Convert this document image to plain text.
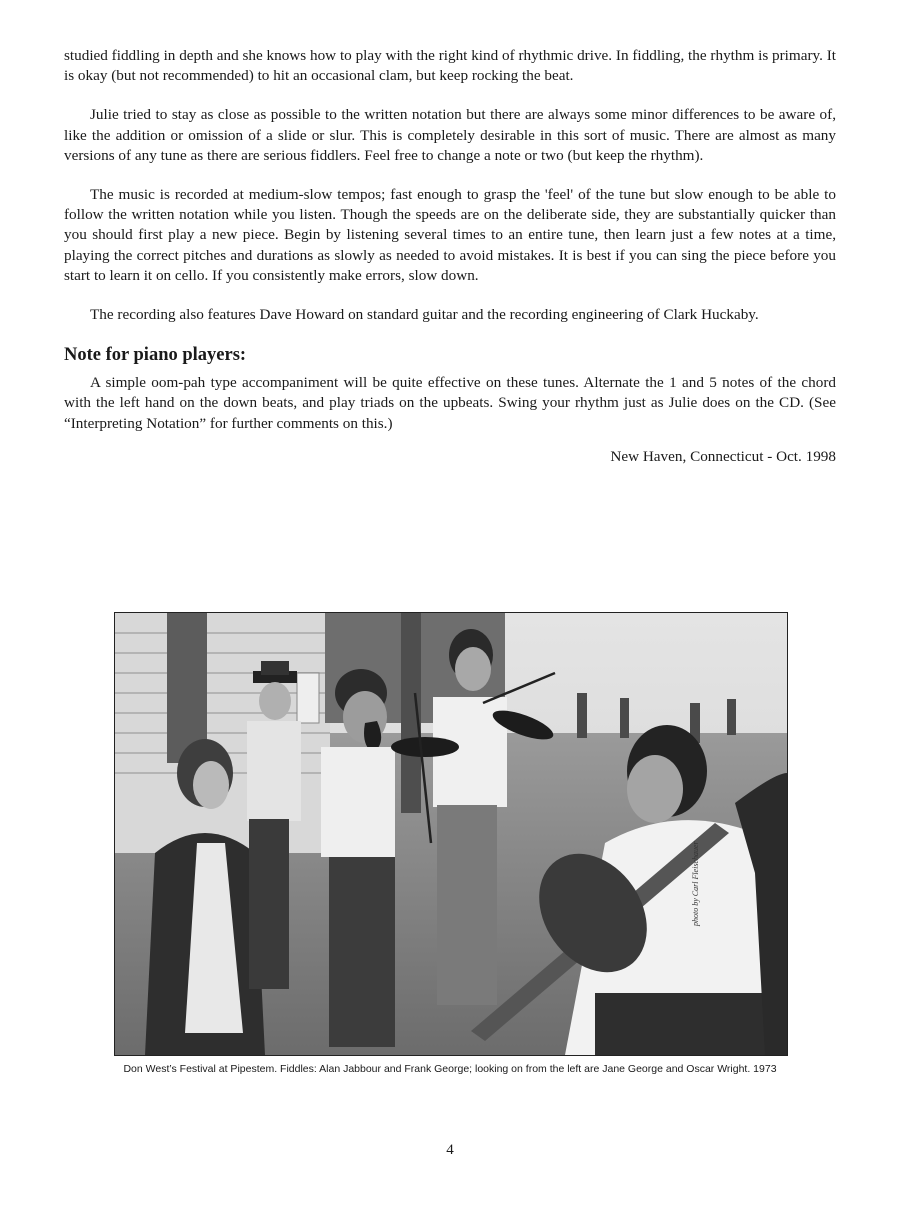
studied fiddling in depth and she knows how to play with the right kind of rhythmic drive. In fiddling, the rhythm is primary. It is okay (but not recommended) to hit an occasional clam, but keep rocking the beat.

Julie tried to stay as close as possible to the written notation but there are always some minor differences to be aware of, like the addition or omission of a slide or slur. This is completely desirable in this sort of music. There are almost as many versions of any tune as there are serious fiddlers. Feel free to change a note or two (but keep the rhythm).

The music is recorded at medium-slow tempos; fast enough to grasp the 'feel' of the tune but slow enough to be able to follow the written notation while you listen. Though the speeds are on the deliberate side, they are substantially quicker than you should first play a new piece. Begin by listening several times to an entire tune, then learn just a few notes at a time, playing the correct pitches and durations as slowly as needed to avoid mistakes. It is best if you can sing the piece before you start to learn it on cello. If you consistently make errors, slow down.

The recording also features Dave Howard on standard guitar and the recording engineering of Clark Huckaby.

Note for piano players:

A simple oom-pah type accompaniment will be quite effective on these tunes. Alternate the 1 and 5 notes of the chord with the left hand on the down beats, and play triads on the upbeats. Swing your rhythm just as Julie does on the CD. (See “Interpreting Notation” for further comments on this.)

New Haven, Connecticut - Oct. 1998
photo by Carl Fleischauer
Don West’s Festival at Pipestem. Fiddles: Alan Jabbour and Frank George; looking on from the left are Jane George and Oscar Wright. 1973
4
